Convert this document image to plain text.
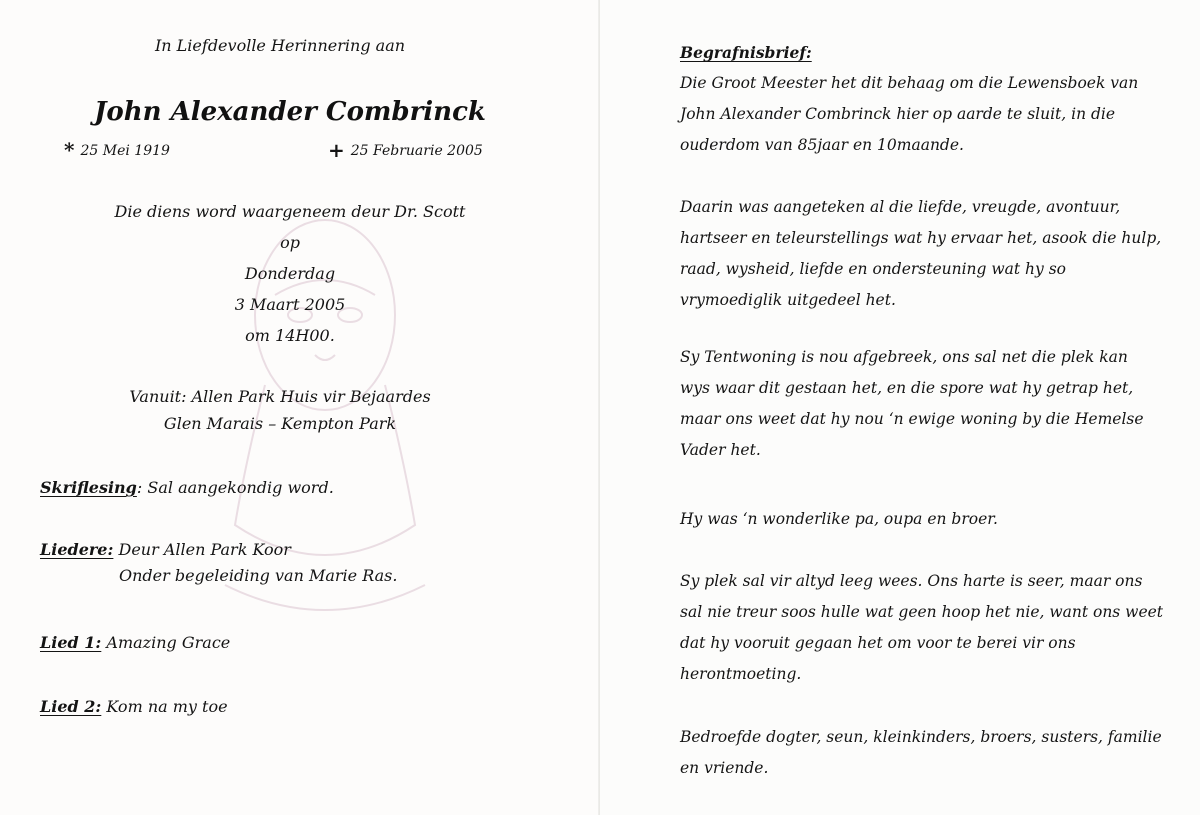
In Liefdevolle Herinnering aan
John Alexander Combrinck
* 25 Mei 1919	+ 25 Februarie 2005
Die diens word waargeneem deur Dr. Scott
op
Donderdag
3 Maart 2005
om 14H00.
Vanuit: Allen Park Huis vir Bejaardes
Glen Marais – Kempton Park
Skriflesing: Sal aangekondig word.
Liedere: Deur Allen Park Koor
Onder begeleiding van Marie Ras.
Lied 1: Amazing Grace
Lied 2: Kom na my toe
Begrafnisbrief:
Die Groot Meester het dit behaag om die Lewensboek van
John Alexander Combrinck hier op aarde te sluit, in die
ouderdom van 85jaar en 10maande.
Daarin was aangeteken al die liefde, vreugde, avontuur,
hartseer en teleurstellings wat hy ervaar het, asook die hulp,
raad, wysheid, liefde en ondersteuning wat hy so
vrymoediglik uitgedeel het.
Sy Tentwoning is nou afgebreek, ons sal net die plek kan
wys waar dit gestaan het, en die spore wat hy getrap het,
maar ons weet dat hy nou ‘n ewige woning by die Hemelse
Vader het.
Hy was ‘n wonderlike pa, oupa en broer.
Sy plek sal vir altyd leeg wees. Ons harte is seer, maar ons
sal nie treur soos hulle wat geen hoop het nie, want ons weet
dat hy vooruit gegaan het om voor te berei vir ons
herontmoeting.
Bedroefde dogter, seun, kleinkinders, broers, susters, familie
en vriende.
